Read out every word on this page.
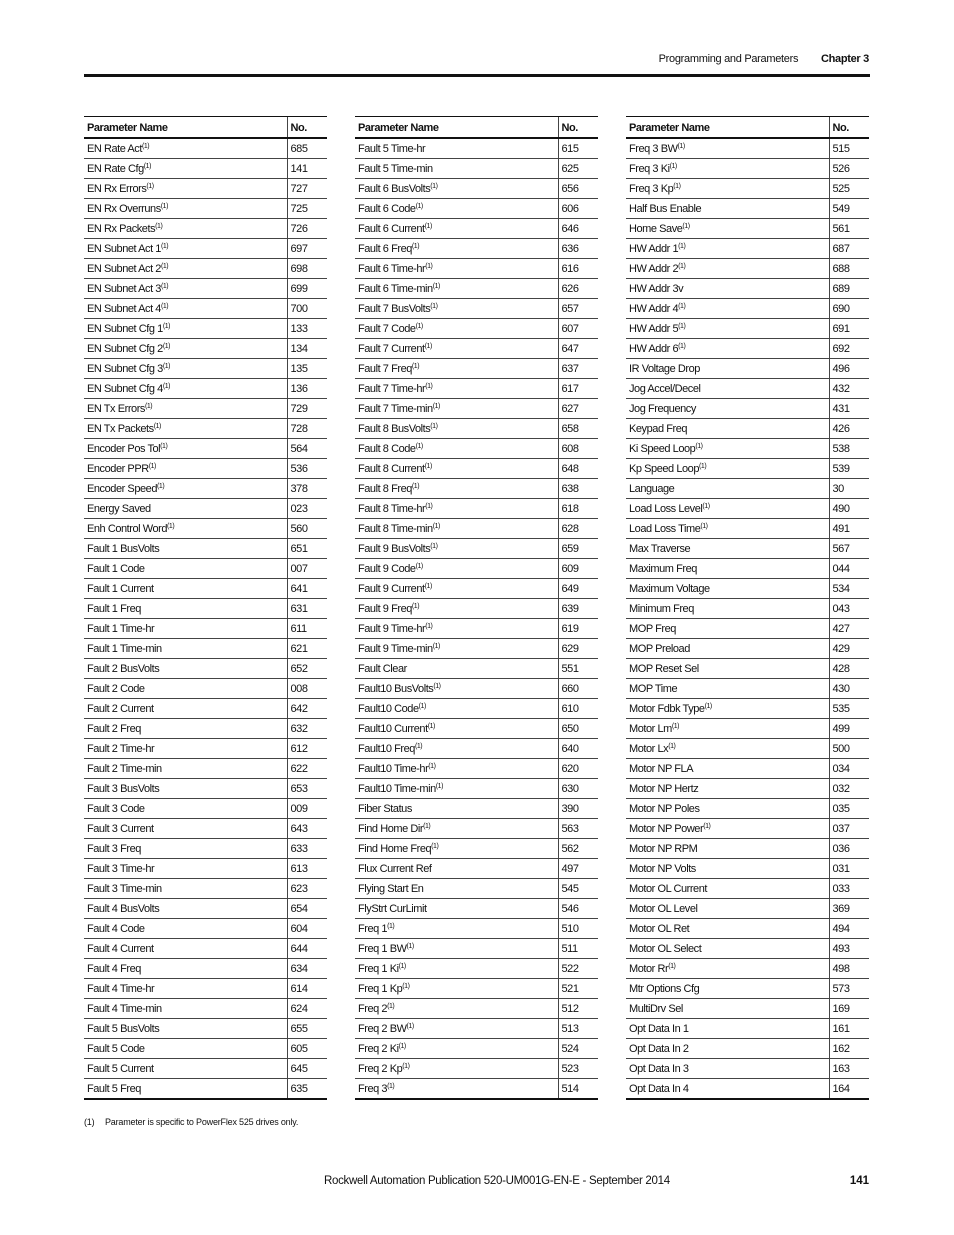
Programming and Parameters Chapter 3
Parameter Name	No.
EN Rate Act$^{(1)}$	685
EN Rate Cfg$^{(1)}$	141
EN Rx Errors$^{(1)}$	727
EN Rx Overruns$^{(1)}$	725
EN Rx Packets$^{(1)}$	726
EN Subnet Act 1$^{(1)}$	697
EN Subnet Act 2$^{(1)}$	698
EN Subnet Act 3$^{(1)}$	699
EN Subnet Act 4$^{(1)}$	700
EN Subnet Cfg 1$^{(1)}$	133
EN Subnet Cfg 2$^{(1)}$	134
EN Subnet Cfg 3$^{(1)}$	135
EN Subnet Cfg 4$^{(1)}$	136
EN Tx Errors$^{(1)}$	729
EN Tx Packets$^{(1)}$	728
Encoder Pos Tol$^{(1)}$	564
Encoder PPR$^{(1)}$	536
Encoder Speed$^{(1)}$	378
Energy Saved	023
Enh Control Word$^{(1)}$	560
Fault 1 BusVolts	651
Fault 1 Code	007
Fault 1 Current	641
Fault 1 Freq	631
Fault 1 Time-hr	611
Fault 1 Time-min	621
Fault 2 BusVolts	652
Fault 2 Code	008
Fault 2 Current	642
Fault 2 Freq	632
Fault 2 Time-hr	612
Fault 2 Time-min	622
Fault 3 BusVolts	653
Fault 3 Code	009
Fault 3 Current	643
Fault 3 Freq	633
Fault 3 Time-hr	613
Fault 3 Time-min	623
Fault 4 BusVolts	654
Fault 4 Code	604
Fault 4 Current	644
Fault 4 Freq	634
Fault 4 Time-hr	614
Fault 4 Time-min	624
Fault 5 BusVolts	655
Fault 5 Code	605
Fault 5 Current	645
Fault 5 Freq	635
Parameter Name	No.
Fault 5 Time-hr	615
Fault 5 Time-min	625
Fault 6 BusVolts$^{(1)}$	656
Fault 6 Code$^{(1)}$	606
Fault 6 Current$^{(1)}$	646
Fault 6 Freq$^{(1)}$	636
Fault 6 Time-$hr^{(1)}$	616
Fault 6 Time-$\min^{(1)}$	626
Fault 7 BusVolts$^{(1)}$	657
Fault 7 Code$^{(1)}$	607
Fault 7 Current$^{(1)}$	647
Fault 7 Freq$^{(1)}$	637
Fault 7 Time-$hr^{(1)}$	617
Fault 7 Time-$\min^{(1)}$	627
Fault 8 BusVolts$^{(1)}$	658
Fault 8 Code$^{(1)}$	608
Fault 8 Current$^{(1)}$	648
Fault 8 Freq$^{(1)}$	638
Fault 8 Time-$hr^{(1)}$	618
Fault 8 Time-$\min^{(1)}$	628
Fault 9 BusVolts$^{(1)}$	659
Fault 9 Code$^{(1)}$	609
Fault 9 Current$^{(1)}$	649
Fault 9 Freq$^{(1)}$	639
Fault 9 Time-$hr^{(1)}$	619
Fault 9 Time-$\min^{(1)}$	629
Fault Clear	551
Fault10 BusVolts$^{(1)}$	660
Fault10 Code$^{(1)}$	610
Fault10 Current$^{(1)}$	650
Fault10 Freq$^{(1)}$	640
Fault10 Time-$hr^{(1)}$	620
Fault10 Time-$\min^{(1)}$	630
Fiber Status	390
Find Home Dir$^{(1)}$	563
Find Home Freq$^{(1)}$	562
Flux Current Ref	497
Flying Start En	545
FlyStrt CurLimit	546
Freq 1$^{(1)}$	510
Freq 1 BW$^{(1)}$	511
Freq 1 Ki$^{(1)}$	522
Freq 1 Kp$^{(1)}$	521
Freq 2$^{(1)}$	512
Freq 2 BW$^{(1)}$	513
Freq 2 Ki$^{(1)}$	524
Freq 2 Kp$^{(1)}$	523
Freq 3$^{(1)}$	514
Parameter Name	No.
Freq 3 BW$^{(1)}$	515
Freq 3 Ki$^{(1)}$	526
Freq 3 Kp$^{(1)}$	525
Half Bus Enable	549
Home Save$^{(1)}$	561
HW Addr 1$^{(1)}$	687
HW Addr 2$^{(1)}$	688
HW Addr 3v	689
HW Addr 4$^{(1)}$	690
HW Addr 5$^{(1)}$	691
HW Addr 6$^{(1)}$	692
IR Voltage Drop	496
Jog Accel/Decel	432
Jog Frequency	431
Keypad Freq	426
Ki Speed Loop$^{(1)}$	538
Kp Speed Loop$^{(1)}$	539
Language	30
Load Loss Level$^{(1)}$	490
Load Loss Time$^{(1)}$	491
Max Traverse	567
Maximum Freq	044
Maximum Voltage	534
Minimum Freq	043
MOP Freq	427
MOP Preload	429
MOP Reset Sel	428
MOP Time	430
Motor Fdbk Type$^{(1)}$	535
Motor Lm$^{(1)}$	499
Motor Lx$^{(1)}$	500
Motor NP FLA	034
Motor NP Hertz	032
Motor NP Poles	035
Motor NP Power$^{(1)}$	037
Motor NP RPM	036
Motor NP Volts	031
Motor OL Current	033
Motor OL Level	369
Motor OL Ret	494
Motor OL Select	493
Motor Rr$^{(1)}$	498
Mtr Options Cfg	573
MultiDrv Sel	169
Opt Data In 1	161
Opt Data In 2	162
Opt Data In 3	163
Opt Data In 4	164
(1) Parameter is specific to PowerFlex 525 drives only.
Rockwell Automation Publication 520-UM001G-EN-E - September 2014	141
